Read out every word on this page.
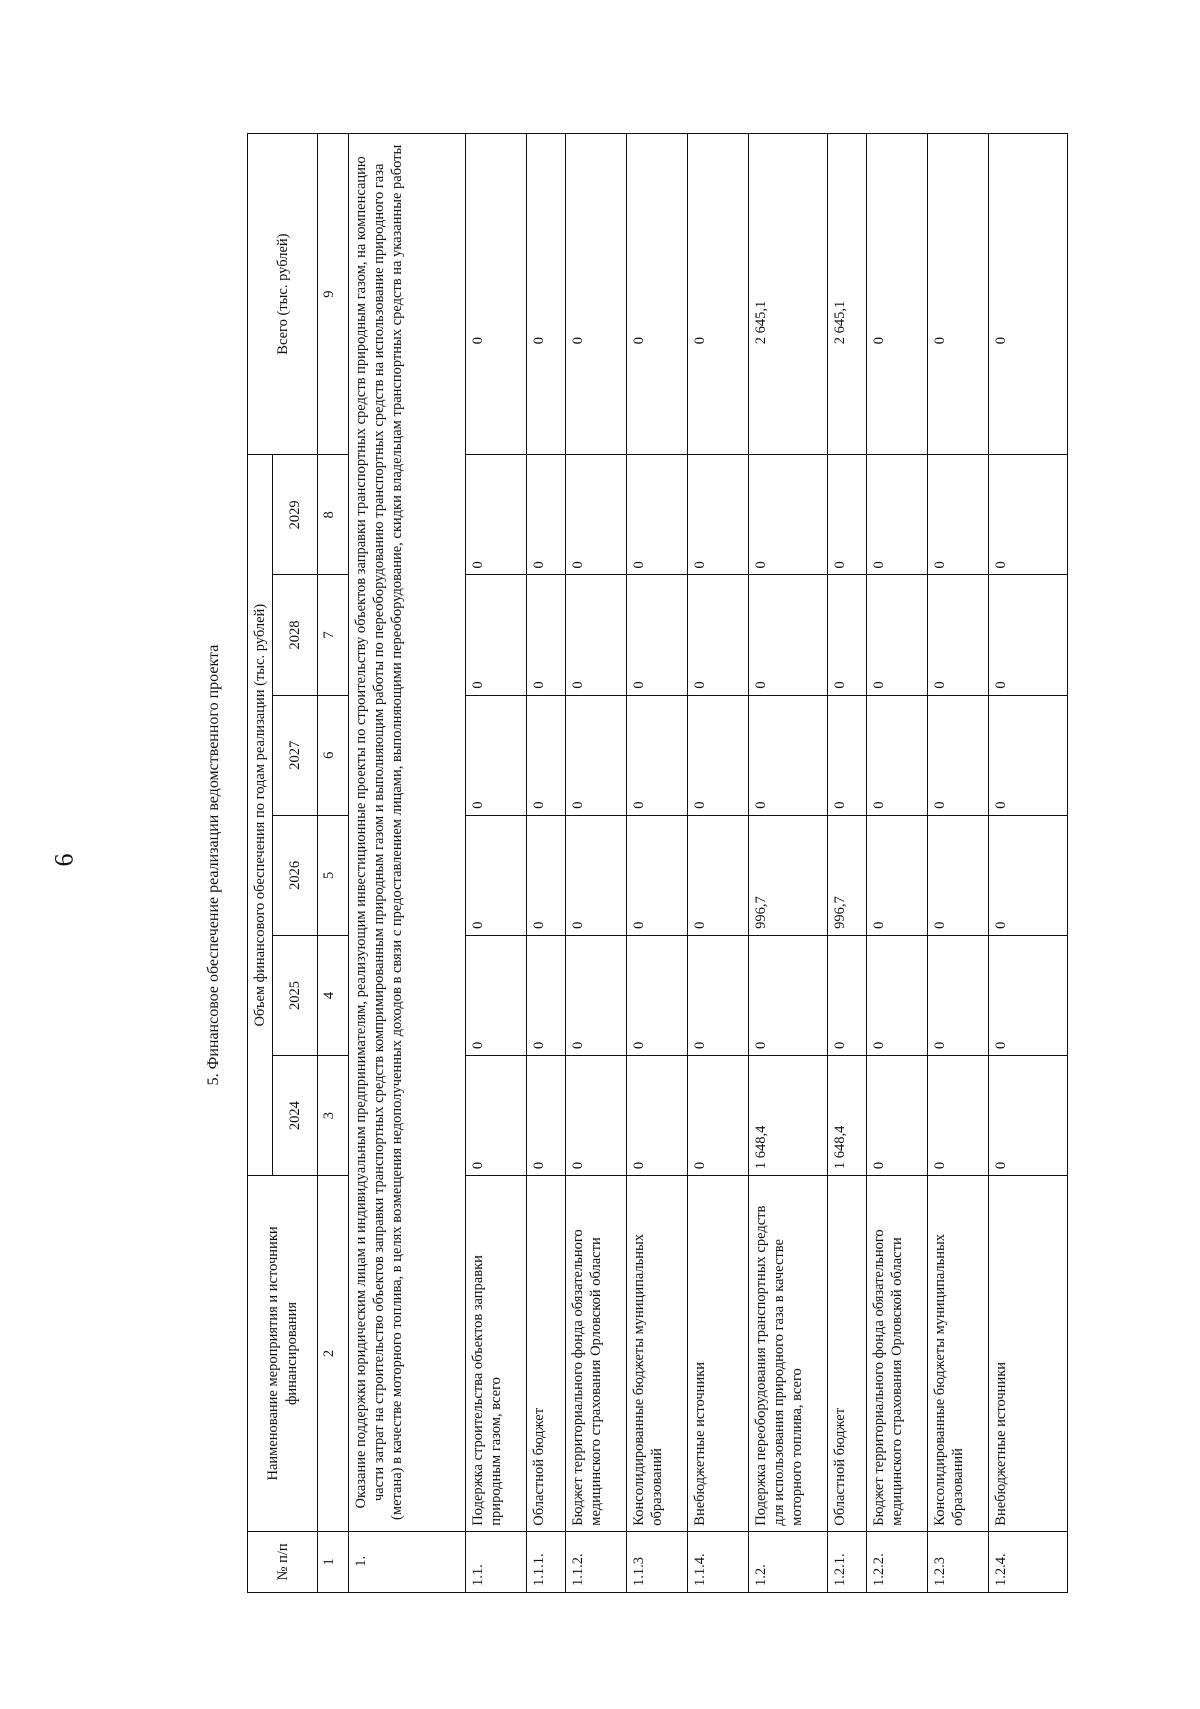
6	5. Финансовое обеспечение реализации ведомственного проекта
№ п/п	Наименование мероприятия и источники финансирования	Объем финансового обеспечения по годам реализации (тыс. рублей)						Всего (тыс. рублей)
		2024	2025	2026	2027	2028	2029	
1	2	3	4	5	6	7	8	9
1.	Оказание поддержки юридическим лицам и индивидуальным предпринимателям, реализующим инвестиционные проекты по строительству объектов заправки транспортных средств природным газом, на компенсацию части затрат на строительство объектов заправки транспортных средств компримированным природным газом и выполняющим работы по переоборудованию транспортных средств на использование природного газа (метана) в качестве моторного топлива, в целях возмещения недополученных доходов в связи с предоставлением лицами, выполняющими переоборудование, скидки владельцам транспортных средств на указанные работы							
1.1.	Подержка строительства объектов заправки природным газом, всего	0	0	0	0	0	0	0
1.1.1.	Областной бюджет	0	0	0	0	0	0	0
1.1.2.	Бюджет территориального фонда обязательного медицинского страхования Орловской области	0	0	0	0	0	0	0
1.1.3	Консолидированные бюджеты муниципальных образований	0	0	0	0	0	0	0
1.1.4.	Внебюджетные источники	0	0	0	0	0	0	0
1.2.	Подержка переоборудования транспортных средств для использования природного газа в качестве моторного топлива, всего	1 648,4	0	996,7	0	0	0	2 645,1
1.2.1.	Областной бюджет	1 648,4	0	996,7	0	0	0	2 645,1
1.2.2.	Бюджет территориального фонда обязательного медицинского страхования Орловской области	0	0	0	0	0	0	0
1.2.3	Консолидированные бюджеты муниципальных образований	0	0	0	0	0	0	0
1.2.4.	Внебюджетные источники	0	0	0	0	0	0	0
